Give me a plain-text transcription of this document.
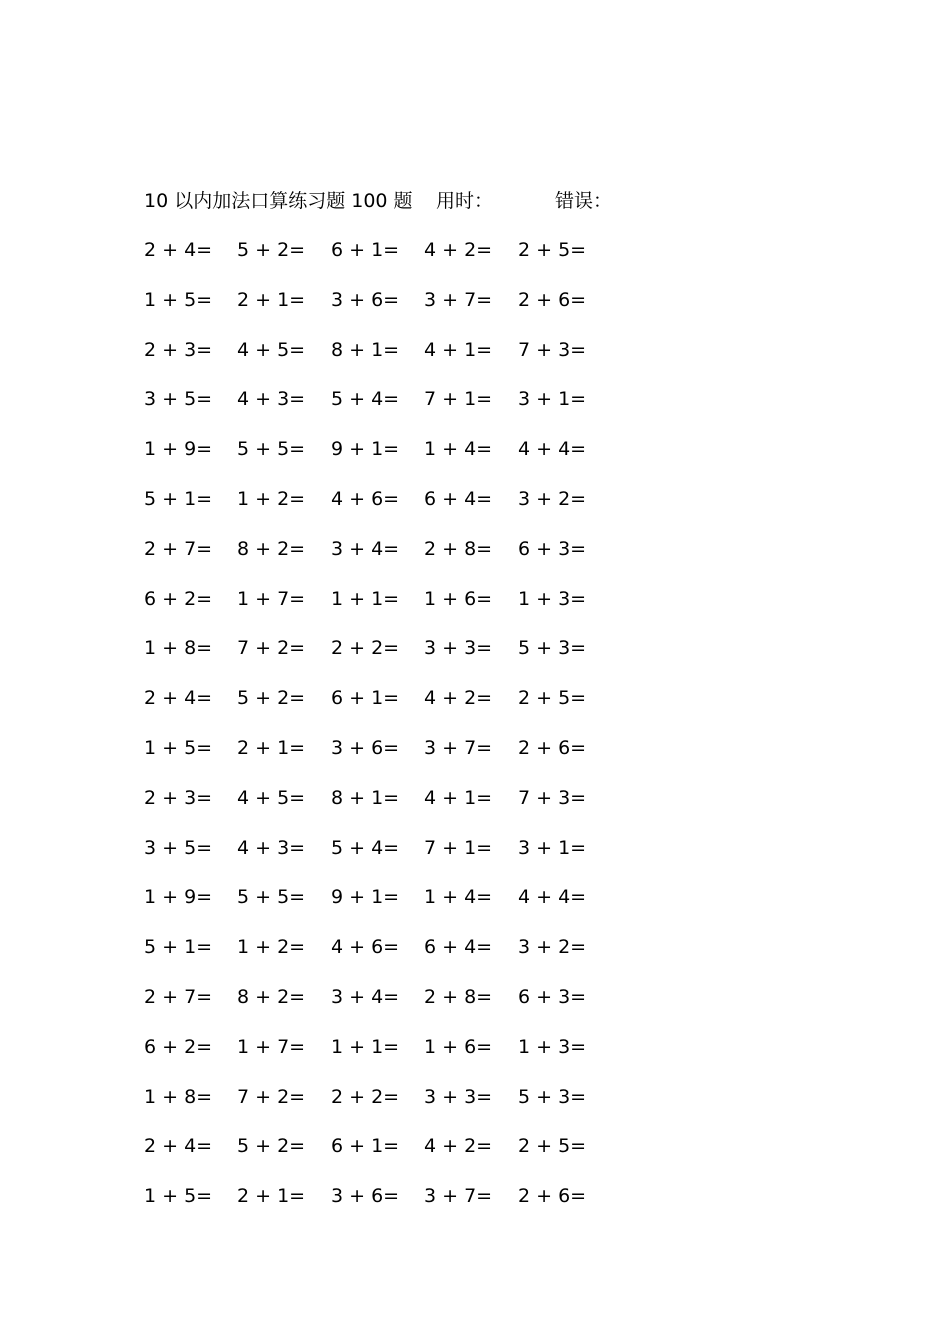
10 以内加法口算练习题 100 题 用时：	错误：
2 + 4= 5 + 2= 6 + 1= 4 + 2= 2 + 5=
1 + 5= 2 + 1= 3 + 6= 3 + 7= 2 + 6=
2 + 3= 4 + 5= 8 + 1= 4 + 1= 7 + 3=
3 + 5= 4 + 3= 5 + 4= 7 + 1= 3 + 1=
1 + 9= 5 + 5= 9 + 1= 1 + 4= 4 + 4=
5 + 1= 1 + 2= 4 + 6= 6 + 4= 3 + 2=
2 + 7= 8 + 2= 3 + 4= 2 + 8= 6 + 3=
6 + 2= 1 + 7= 1 + 1= 1 + 6= 1 + 3=
1 + 8= 7 + 2= 2 + 2= 3 + 3= 5 + 3=
2 + 4= 5 + 2= 6 + 1= 4 + 2= 2 + 5=
1 + 5= 2 + 1= 3 + 6= 3 + 7= 2 + 6=
2 + 3= 4 + 5= 8 + 1= 4 + 1= 7 + 3=
3 + 5= 4 + 3= 5 + 4= 7 + 1= 3 + 1=
1 + 9= 5 + 5= 9 + 1= 1 + 4= 4 + 4=
5 + 1= 1 + 2= 4 + 6= 6 + 4= 3 + 2=
2 + 7= 8 + 2= 3 + 4= 2 + 8= 6 + 3=
6 + 2= 1 + 7= 1 + 1= 1 + 6= 1 + 3=
1 + 8= 7 + 2= 2 + 2= 3 + 3= 5 + 3=
2 + 4= 5 + 2= 6 + 1= 4 + 2= 2 + 5=
1 + 5= 2 + 1= 3 + 6= 3 + 7= 2 + 6=
